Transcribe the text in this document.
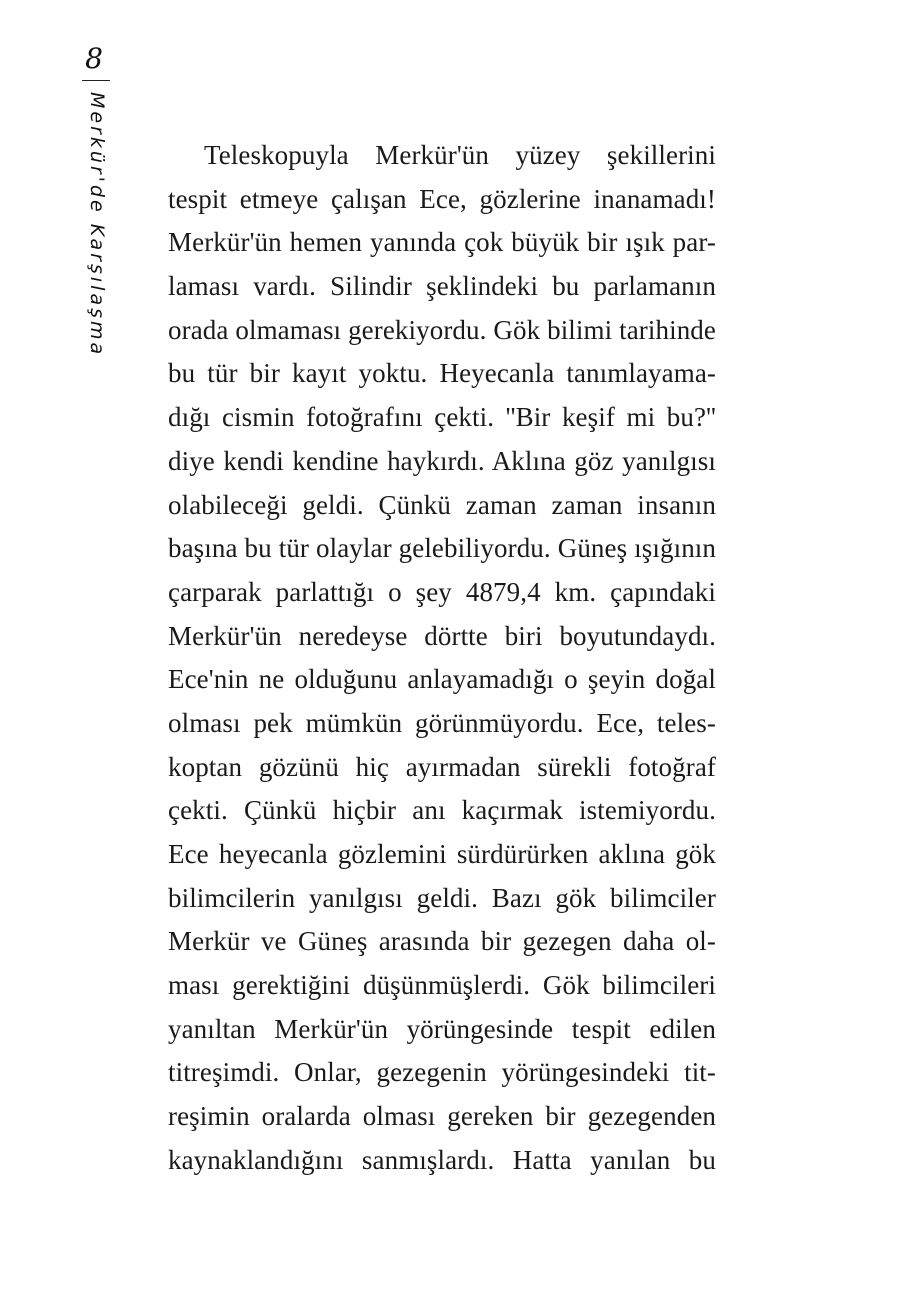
8
Merkür'de Karşılaşma	Teleskopuyla Merkür'ün yüzey şekillerini
tespit etmeye çalışan Ece, gözlerine inanamadı!
Merkür'ün hemen yanında çok büyük bir ışık par-
laması vardı. Silindir şeklindeki bu parlamanın
orada olmaması gerekiyordu. Gök bilimi tarihinde
bu tür bir kayıt yoktu. Heyecanla tanımlayama-
dığı cismin fotoğrafını çekti. ''Bir keşif mi bu?''
diye kendi kendine haykırdı. Aklına göz yanılgısı
olabileceği geldi. Çünkü zaman zaman insanın
başına bu tür olaylar gelebiliyordu. Güneş ışığının
çarparak parlattığı o şey 4879,4 km. çapındaki
Merkür'ün neredeyse dörtte biri boyutundaydı.
Ece'nin ne olduğunu anlayamadığı o şeyin doğal
olması pek mümkün görünmüyordu. Ece, teles-
koptan gözünü hiç ayırmadan sürekli fotoğraf
çekti. Çünkü hiçbir anı kaçırmak istemiyordu.
Ece heyecanla gözlemini sürdürürken aklına gök
bilimcilerin yanılgısı geldi. Bazı gök bilimciler
Merkür ve Güneş arasında bir gezegen daha ol-
ması gerektiğini düşünmüşlerdi. Gök bilimcileri
yanıltan Merkür'ün yörüngesinde tespit edilen
titreşimdi. Onlar, gezegenin yörüngesindeki tit-
reşimin oralarda olması gereken bir gezegenden
kaynaklandığını sanmışlardı. Hatta yanılan bu
